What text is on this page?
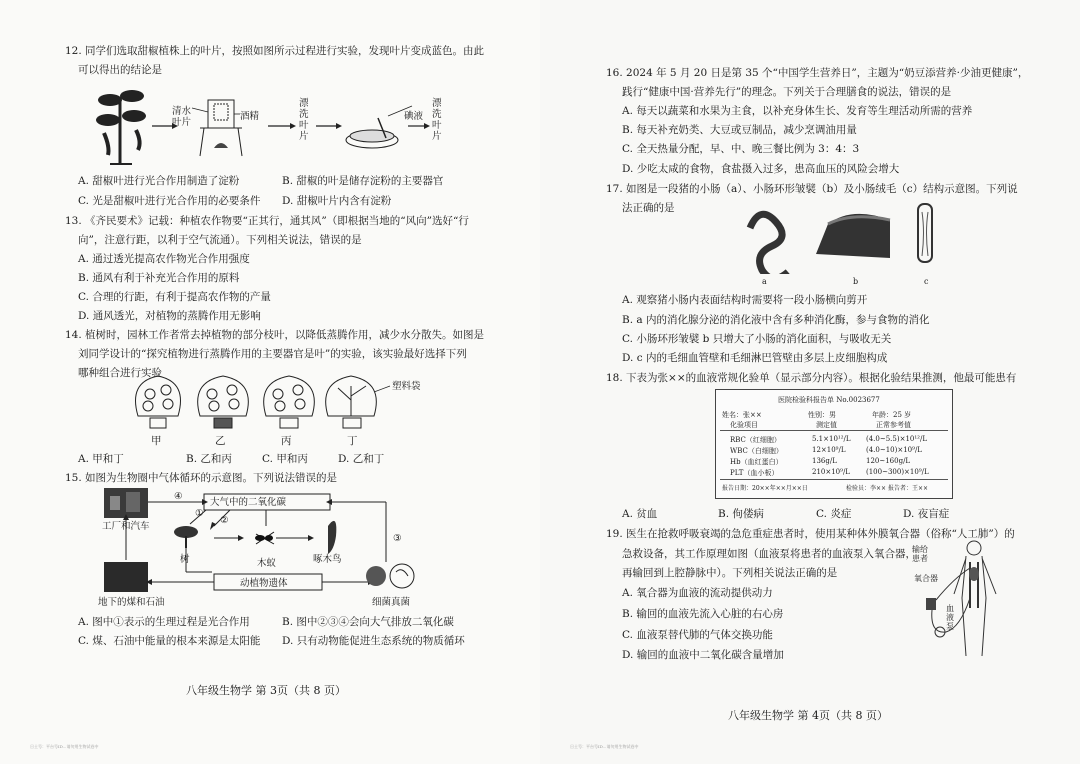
12. 同学们选取甜椒植株上的叶片，按照如图所示过程进行实验，发现叶片变成蓝色。由此
可以得出的结论是
清水
叶片
酒精
漂
洗
叶
片
碘液
漂
洗
叶
片
A. 甜椒叶进行光合作用制造了淀粉	B. 甜椒的叶是储存淀粉的主要器官
C. 光是甜椒叶进行光合作用的必要条件 D. 甜椒叶片内含有淀粉
13. 《齐民要术》记载：种植农作物要“正其行，通其风”（即根据当地的“风向”选好“行
向”，注意行距，以利于空气流通）。下列相关说法，错误的是
A. 通过透光提高农作物光合作用强度
B. 通风有利于补充光合作用的原料
C. 合理的行距，有利于提高农作物的产量
D. 通风透光，对植物的蒸腾作用无影响
14. 植树时，园林工作者常去掉植物的部分枝叶，以降低蒸腾作用，减少水分散失。如图是
刘同学设计的“探究植物进行蒸腾作用的主要器官是叶”的实验，该实验最好选择下列
哪种组合进行实验
塑料袋
甲	乙	丙	丁
A. 甲和丁	B. 乙和丙	C. 甲和丙	D. 乙和丁
15. 如图为生物圈中气体循环的示意图。下列说法错误的是
④
大气中的二氧化碳
工厂和汽车
①
②
③
树	木蚁	啄木鸟
动植物遗体
地下的煤和石油	细菌真菌
A. 图中①表示的生理过程是光合作用	B. 图中②③④会向大气排放二氧化碳
C. 煤、石油中能量的根本来源是太阳能 D. 只有动物能促进生态系统的物质循环
八年级生物学 第 3页（共 8 页）
日土号：平台号ID...请勿用生物试卷中
16. 2024 年 5 月 20 日是第 35 个“中国学生营养日”，主题为“奶豆添营养·少油更健康”，
践行“健康中国·营养先行”的理念。下列关于合理膳食的说法，错误的是
A. 每天以蔬菜和水果为主食，以补充身体生长、发育等生理活动所需的营养
B. 每天补充奶类、大豆或豆制品，减少烹调油用量
C. 全天热量分配，早、中、晚三餐比例为 3：4：3
D. 少吃太咸的食物，食盐摄入过多，患高血压的风险会增大
17. 如图是一段猪的小肠（a）、小肠环形皱襞（b）及小肠绒毛（c）结构示意图。下列说
法正确的是
a	b	c
A. 观察猪小肠内表面结构时需要将一段小肠横向剪开
B. a 内的消化腺分泌的消化液中含有多种消化酶，参与食物的消化
C. 小肠环形皱襞 b 只增大了小肠的消化面积，与吸收无关
D. c 内的毛细血管壁和毛细淋巴管壁由多层上皮细胞构成
18. 下表为张××的血液常规化验单（显示部分内容）。根据化验结果推测，他最可能患有
医院检验科报告单 No.0023677
姓名：张××	性别：男	年龄：25 岁
化验项目	测定值	正常参考值
RBC（红细胞）	5.1×10¹²/L (4.0~5.5)×10¹²/L
WBC（白细胞）	12×10⁹/L	(4.0~10)×10⁹/L
Hb（血红蛋白）	136g/L	120~160g/L
PLT（血小板）	210×10⁹/L (100~300)×10⁹/L
报告日期：20××年××月××日	检验员：李×× 报告者：王××
A. 贫血	B. 佝偻病	C. 炎症	D. 夜盲症
19. 医生在抢救呼吸衰竭的急危重症患者时，使用某种体外膜氧合器（俗称“人工肺”）的
急救设备，其工作原理如图（血液泵将患者的血液泵入氧合器，
再输回到上腔静脉中）。下列相关说法正确的是
A. 氧合器为血液的流动提供动力
B. 输回的血液先流入心脏的右心房
C. 血液泵替代肺的气体交换功能
D. 输回的血液中二氧化碳含量增加
输给
患者
氧合器
血
液
泵
八年级生物学 第 4页（共 8 页）
日土号：平台号ID...请勿用生物试卷中
